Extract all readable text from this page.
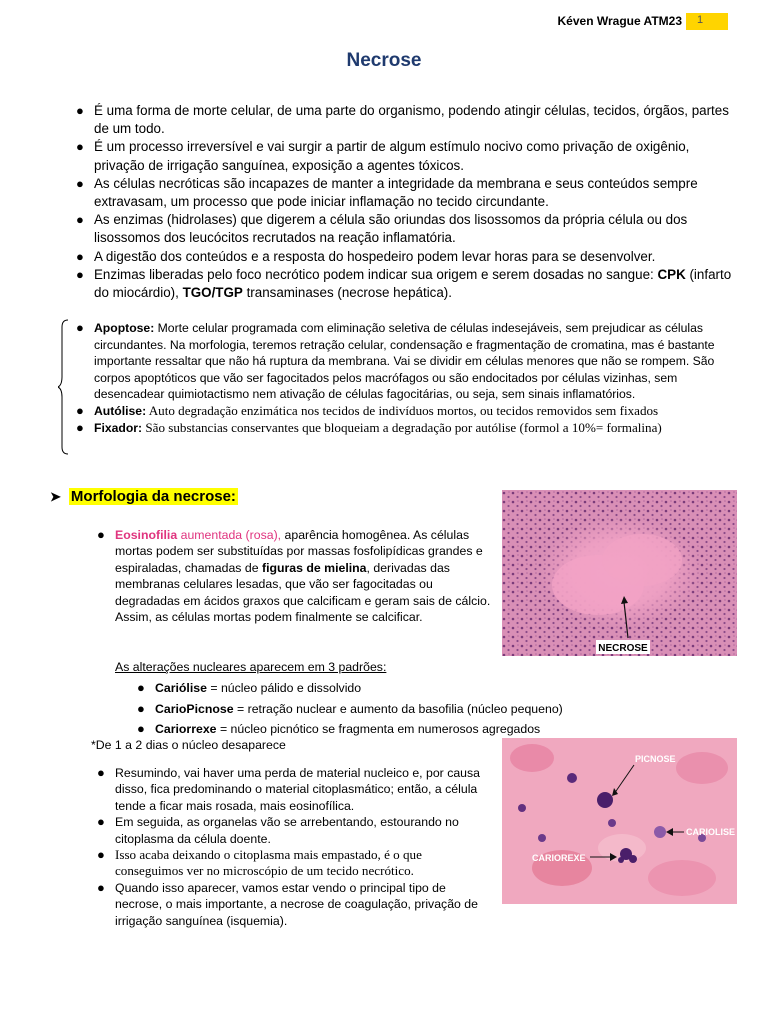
Kéven Wrague ATM23	1
Necrose
● É uma forma de morte celular, de uma parte do organismo, podendo atingir células, tecidos, órgãos, partes de um todo.
● É um processo irreversível e vai surgir a partir de algum estímulo nocivo como privação de oxigênio, privação de irrigação sanguínea, exposição a agentes tóxicos.
● As células necróticas são incapazes de manter a integridade da membrana e seus conteúdos sempre extravasam, um processo que pode iniciar inflamação no tecido circundante.
● As enzimas (hidrolases) que digerem a célula são oriundas dos lisossomos da própria célula ou dos lisossomos dos leucócitos recrutados na reação inflamatória.
● A digestão dos conteúdos e a resposta do hospedeiro podem levar horas para se desenvolver.
● Enzimas liberadas pelo foco necrótico podem indicar sua origem e serem dosadas no sangue: CPK (infarto do miocárdio), TGO/TGP transaminases (necrose hepática).
● Apoptose: Morte celular programada com eliminação seletiva de células indesejáveis, sem prejudicar as células circundantes. Na morfologia, teremos retração celular, condensação e fragmentação de cromatina, mas é bastante importante ressaltar que não há ruptura da membrana. Vai se dividir em células menores que não se rompem. São corpos apoptóticos que vão ser fagocitados pelos macrófagos ou são endocitados por células vizinhas, sem desencadear quimiotactismo nem ativação de células fagocitárias, ou seja, sem sinais inflamatórios.
● Autólise: Auto degradação enzimática nos tecidos de indivíduos mortos, ou tecidos removidos sem fixados
● Fixador: São substancias conservantes que bloqueiam a degradação por autólise (formol a 10%= formalina)
➤ Morfologia da necrose:
● Eosinofilia aumentada (rosa), aparência homogênea. As células mortas podem ser substituídas por massas fosfolipídicas grandes e espiraladas, chamadas de figuras de mielina, derivadas das membranas celulares lesadas, que vão ser fagocitadas ou degradadas em ácidos graxos que calcificam e geram sais de cálcio. Assim, as células mortas podem finalmente se calcificar.
As alterações nucleares aparecem em 3 padrões:
● Cariólise = núcleo pálido e dissolvido
● CarioPicnose = retração nuclear e aumento da basofilia (núcleo pequeno)
● Cariorrexe = núcleo picnótico se fragmenta em numerosos agregados
*De 1 a 2 dias o núcleo desaparece
● Resumindo, vai haver uma perda de material nucleico e, por causa disso, fica predominando o material citoplasmático; então, a célula tende a ficar mais rosada, mais eosinofílica.
● Em seguida, as organelas vão se arrebentando, estourando no citoplasma da célula doente.
● Isso acaba deixando o citoplasma mais empastado, é o que conseguimos ver no microscópio de um tecido necrótico.
● Quando isso aparecer, vamos estar vendo o principal tipo de necrose, o mais importante, a necrose de coagulação, privação de irrigação sanguínea (isquemia).
NECROSE
PICNOSE
CARIOLISE
CARIOREXE
